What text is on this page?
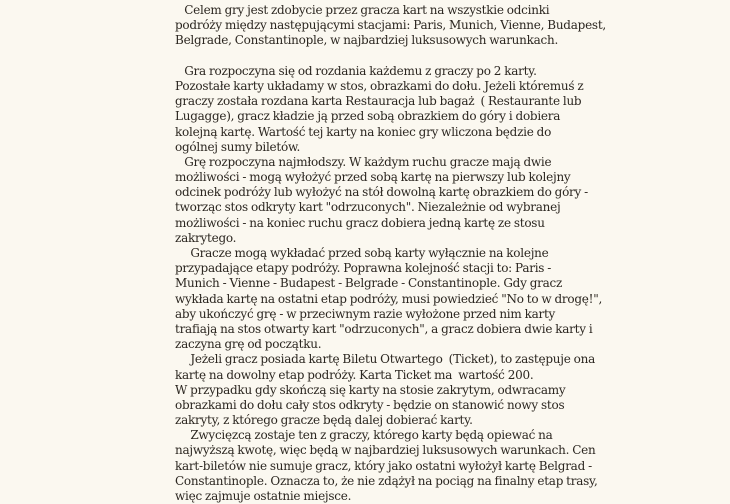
Celem gry jest zdobycie przez gracza kart na wszystkie odcinki
podróży między następującymi stacjami: Paris, Munich, Vienne, Budapest,
Belgrade, Constantinople, w najbardziej luksusowych warunkach.
Gra rozpoczyna się od rozdania każdemu z graczy po 2 karty.
Pozostałe karty układamy w stos, obrazkami do dołu. Jeżeli któremuś z
graczy została rozdana karta Restauracja lub bagaż  ( Restaurante lub
Lugagge), gracz kładzie ją przed sobą obrazkiem do góry i dobiera
kolejną kartę. Wartość tej karty na koniec gry wliczona będzie do
ogólnej sumy biletów.
Grę rozpoczyna najmłodszy. W każdym ruchu gracze mają dwie
możliwości - mogą wyłożyć przed sobą kartę na pierwszy lub kolejny
odcinek podróży lub wyłożyć na stół dowolną kartę obrazkiem do góry -
tworząc stos odkryty kart "odrzuconych". Niezależnie od wybranej
możliwości - na koniec ruchu gracz dobiera jedną kartę ze stosu
zakrytego.
Gracze mogą wykładać przed sobą karty wyłącznie na kolejne
przypadające etapy podróży. Poprawna kolejność stacji to: Paris -
Munich - Vienne - Budapest - Belgrade - Constantinople. Gdy gracz
wykłada kartę na ostatni etap podróży, musi powiedzieć "No to w drogę!",
aby ukończyć grę - w przeciwnym razie wyłożone przed nim karty
trafiają na stos otwarty kart "odrzuconych", a gracz dobiera dwie karty i
zaczyna grę od początku.
Jeżeli gracz posiada kartę Biletu Otwartego  (Ticket), to zastępuje ona
kartę na dowolny etap podróży. Karta Ticket ma  wartość 200.
W przypadku gdy skończą się karty na stosie zakrytym, odwracamy
obrazkami do dołu cały stos odkryty - będzie on stanowić nowy stos
zakryty, z którego gracze będą dalej dobierać karty.
Zwycięzcą zostaje ten z graczy, którego karty będą opiewać na
najwyższą kwotę, więc będą w najbardziej luksusowych warunkach. Cen
kart-biletów nie sumuje gracz, który jako ostatni wyłożył kartę Belgrad -
Constantinople. Oznacza to, że nie zdążył na pociąg na finalny etap trasy,
więc zajmuje ostatnie miejsce.
